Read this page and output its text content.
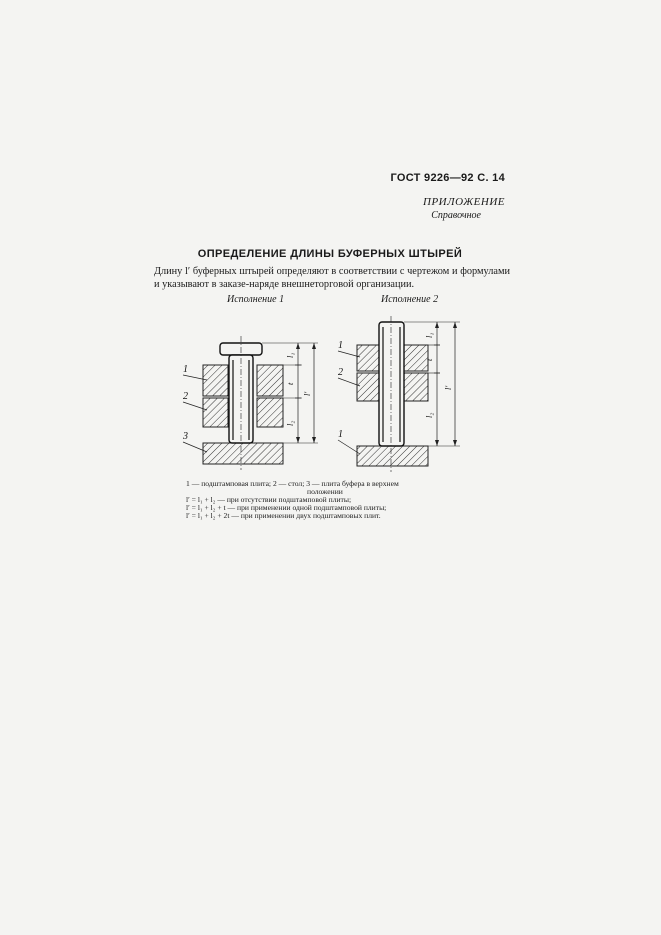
ГОСТ 9226—92 С. 14
ПРИЛОЖЕНИЕ
Справочное
ОПРЕДЕЛЕНИЕ ДЛИНЫ БУФЕРНЫХ ШТЫРЕЙ
Длину l′ буферных штырей определяют в соответствии с чертежом и формулами и указывают в заказе-наряде внешнеторговой организации.
Исполнение 1	Исполнение 2
1
2
3
1
2
1
l₁
t
l′
l₂
l₁
t
l′
l₂
1 — подштамповая плита; 2 — стол; 3 — плита буфера в верхнем
положении
l′ = l₁ + l₂ — при отсутствии подштамповой плиты;
l′ = l₁ + l₂ + t — при применении одной подштамповой плиты;
l′ = l₁ + l₂ + 2t — при применении двух подштамповых плит.
